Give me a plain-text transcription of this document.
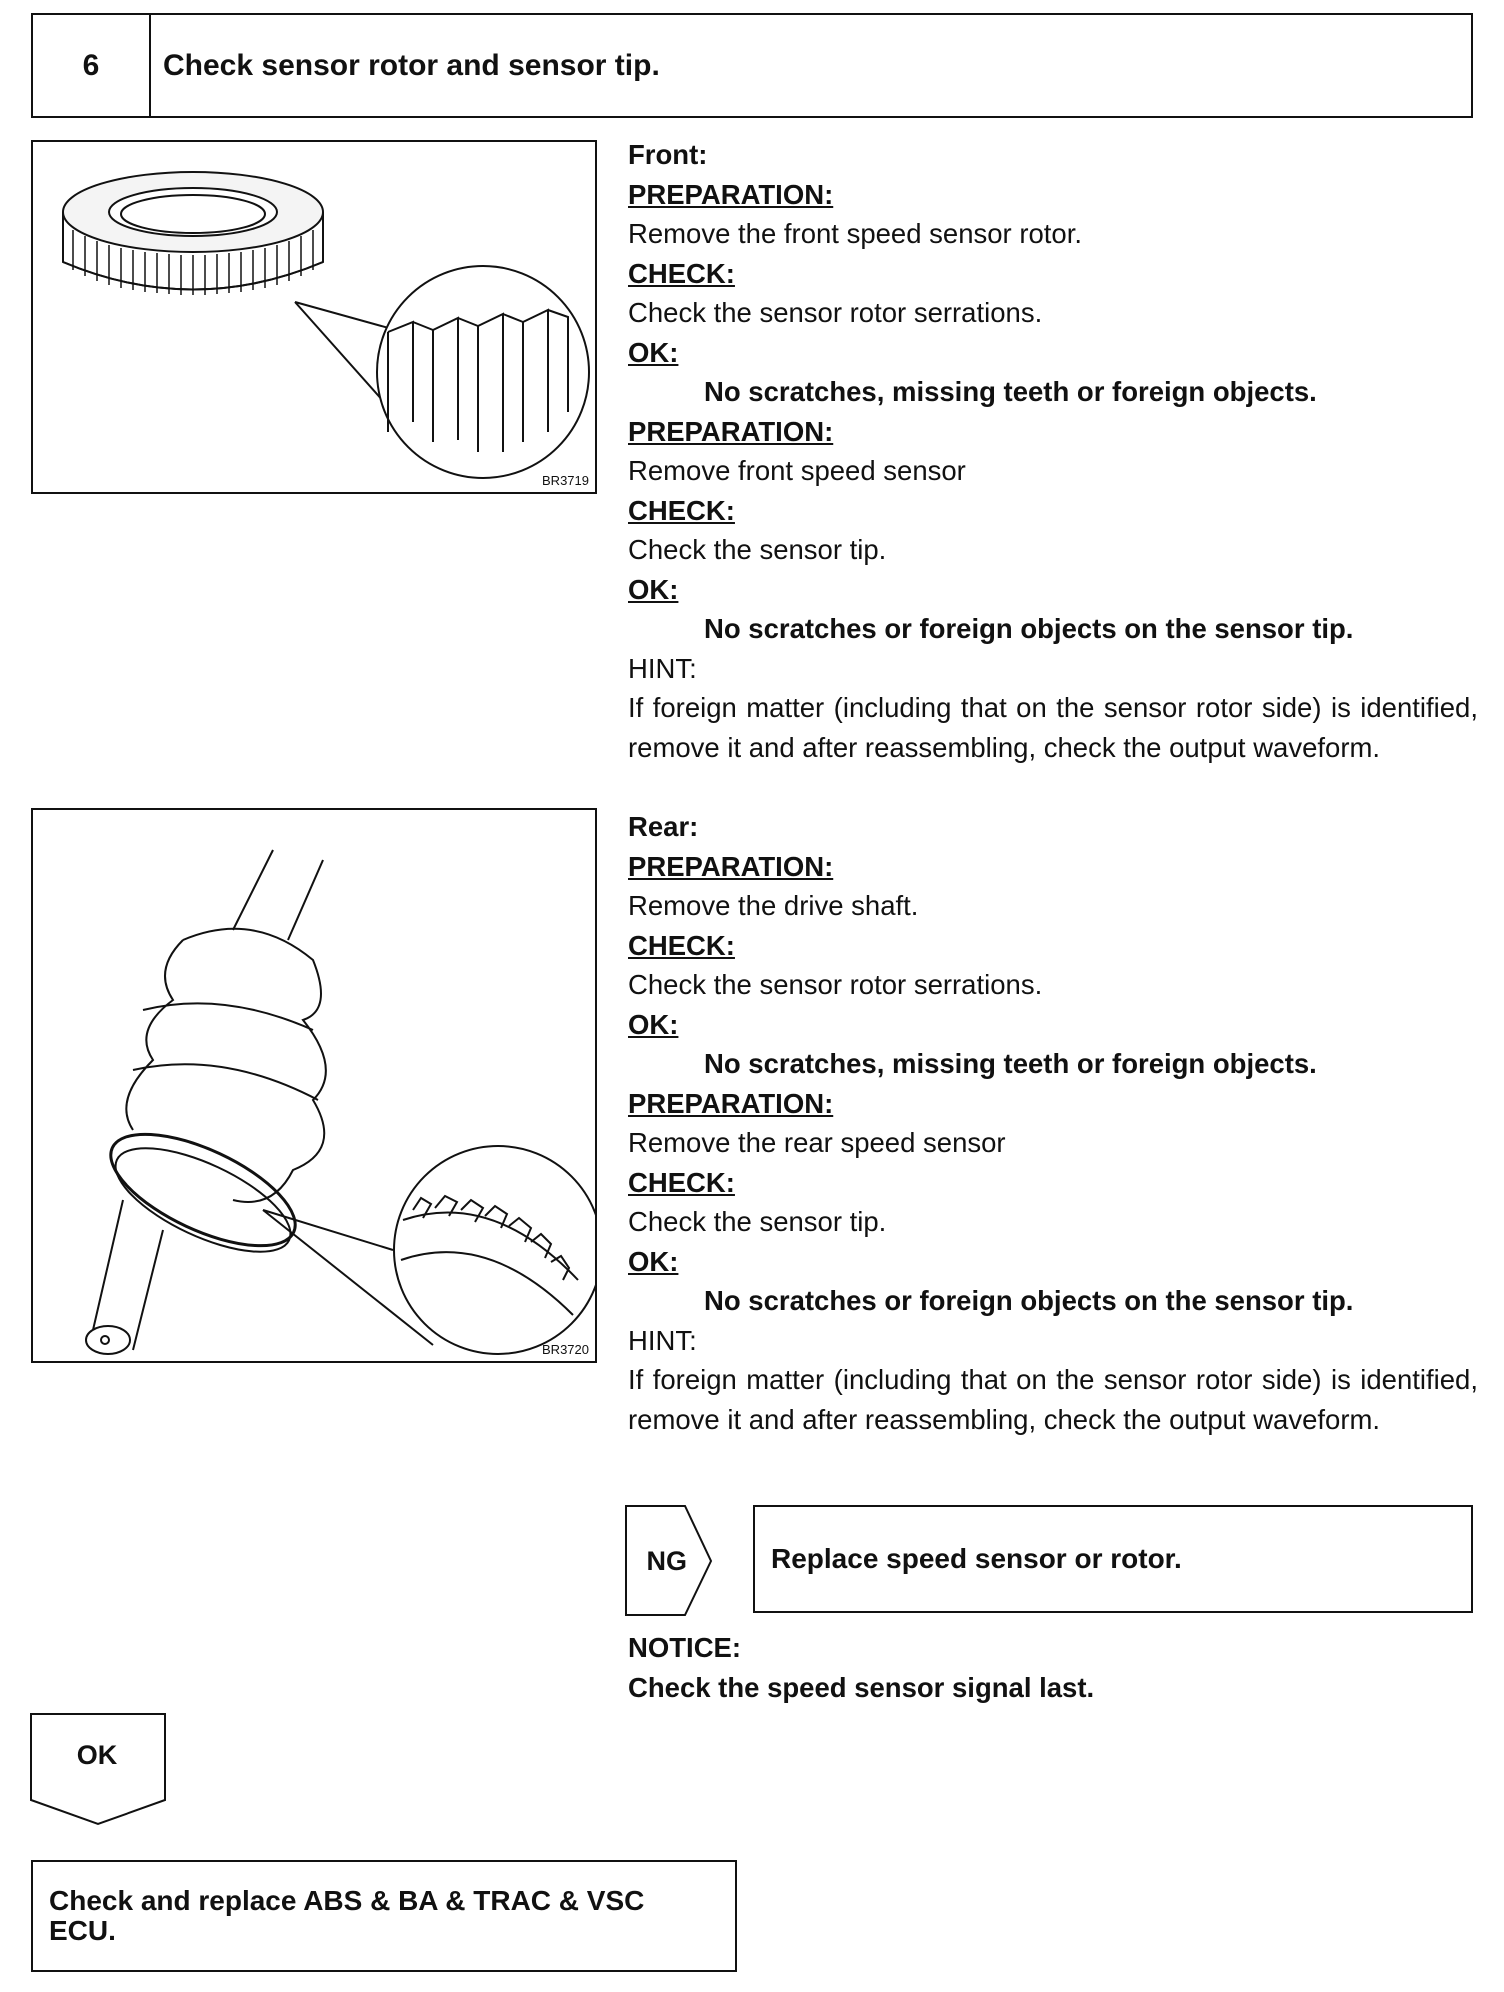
6	Check sensor rotor and sensor tip.
BR3719
BR3720
Front:
PREPARATION:
Remove the front speed sensor rotor.
CHECK:
Check the sensor rotor serrations.
OK:
No scratches, missing teeth or foreign objects.
PREPARATION:
Remove front speed sensor
CHECK:
Check the sensor tip.
OK:
No scratches or foreign objects on the sensor tip.
HINT:
If foreign matter (including that on the sensor rotor side) is identified, remove it and after reassembling, check the output waveform.
Rear:
PREPARATION:
Remove the drive shaft.
CHECK:
Check the sensor rotor serrations.
OK:
No scratches, missing teeth or foreign objects.
PREPARATION:
Remove the rear speed sensor
CHECK:
Check the sensor tip.
OK:
No scratches or foreign objects on the sensor tip.
HINT:
If foreign matter (including that on the sensor rotor side) is identified, remove it and after reassembling, check the output waveform.
NG	Replace speed sensor or rotor.
NOTICE:
Check the speed sensor signal last.
OK
Check and replace ABS & BA & TRAC & VSC ECU.
